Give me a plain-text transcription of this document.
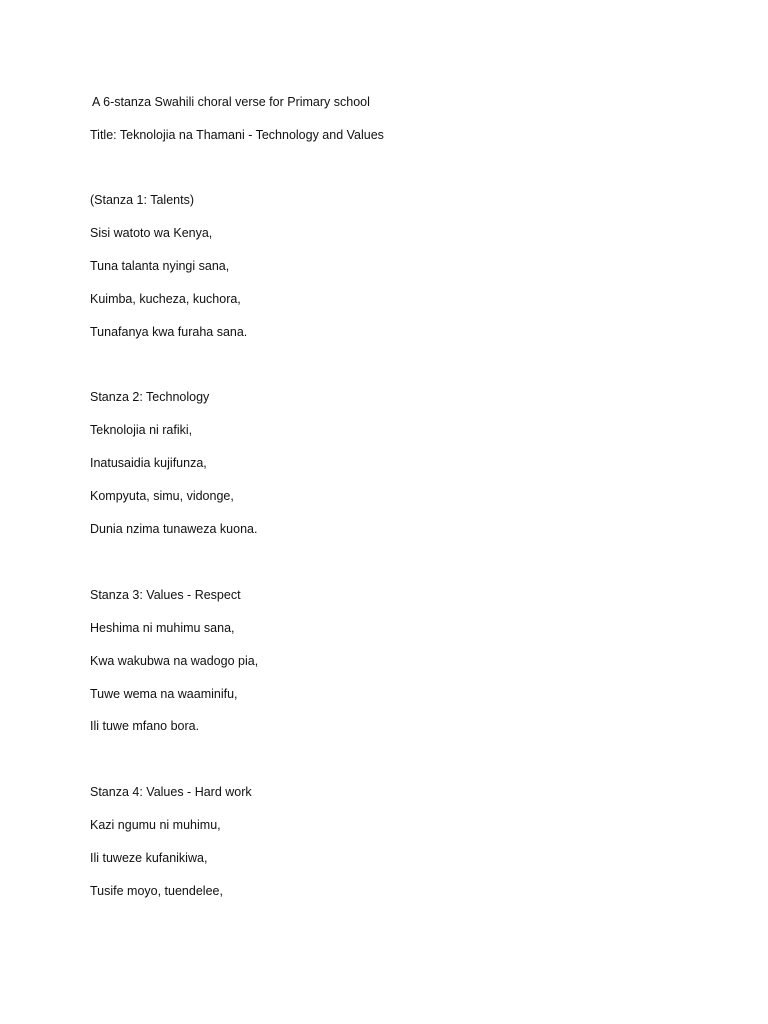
A 6-stanza Swahili choral verse for Primary school
Title: Teknolojia na Thamani - Technology and Values
(Stanza 1: Talents)
Sisi watoto wa Kenya,
Tuna talanta nyingi sana,
Kuimba, kucheza, kuchora,
Tunafanya kwa furaha sana.
Stanza 2: Technology
Teknolojia ni rafiki,
Inatusaidia kujifunza,
Kompyuta, simu, vidonge,
Dunia nzima tunaweza kuona.
Stanza 3: Values - Respect
Heshima ni muhimu sana,
Kwa wakubwa na wadogo pia,
Tuwe wema na waaminifu,
Ili tuwe mfano bora.
Stanza 4: Values - Hard work
Kazi ngumu ni muhimu,
Ili tuweze kufanikiwa,
Tusife moyo, tuendelee,
